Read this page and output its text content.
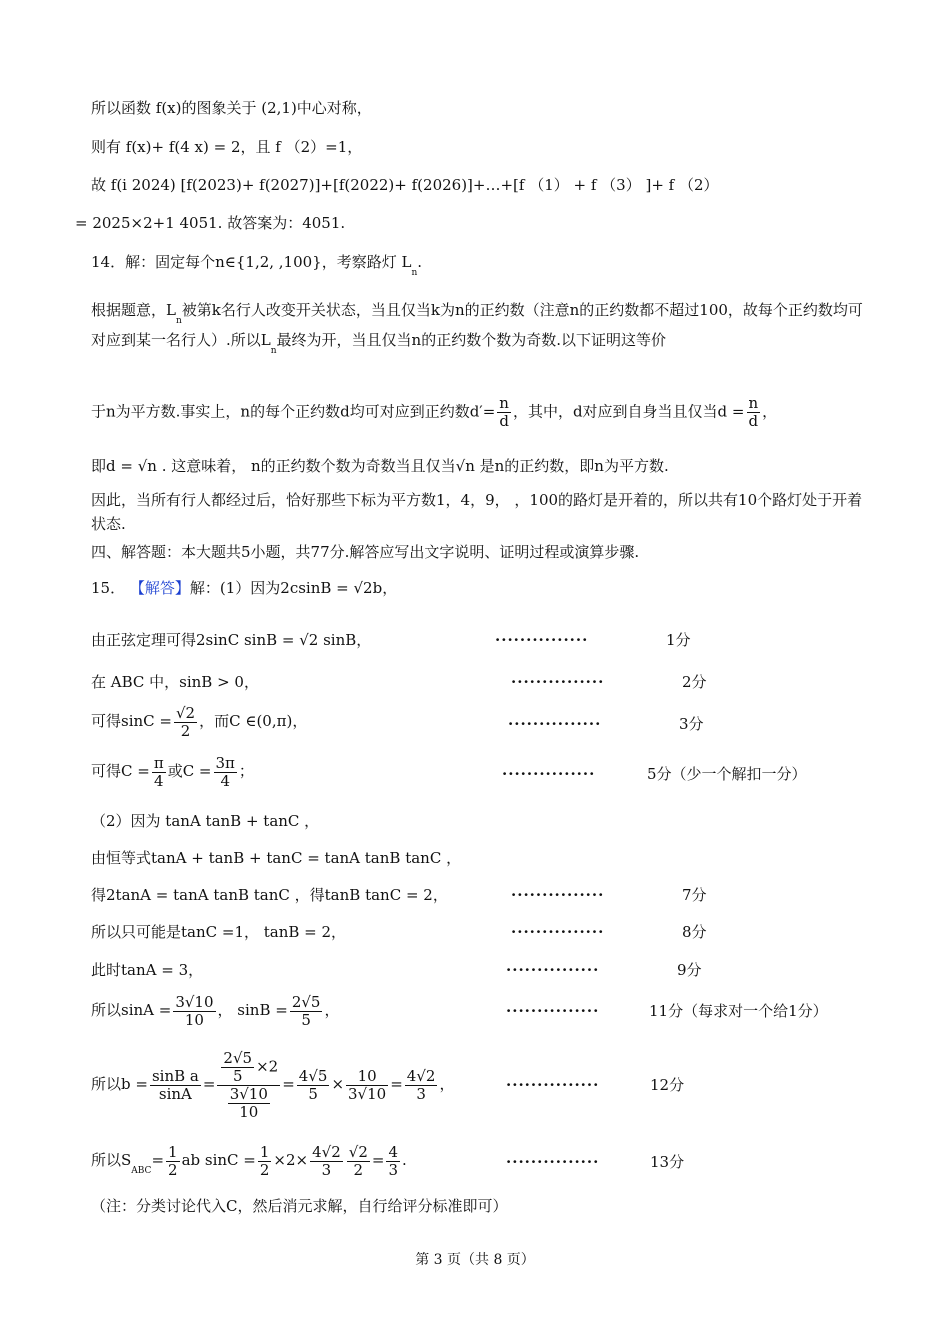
所以函数 f(x)的图象关于 (2,1)中心对称，
则有 f(x)+ f(4 x) = 2，且 f （2）=1，
故 f(i 2024) [f(2023)+ f(2027)]+[f(2022)+ f(2026)]+…+[f （1） + f （3） ]+ f （2）
= 2025×2+1 4051. 故答案为：4051.
14．解：固定每个n∈{1,2, ,100}，考察路灯 $L_n$.
根据题意，$L_n$被第k名行人改变开关状态，当且仅当k为n的正约数（注意n的正约数都不超过100，故每个正约数均可对应到某一名行人）.所以$L_n$最终为开，当且仅当n的正约数个数为奇数.以下证明这等价
于n为平方数.事实上，n的每个正约数d均可对应到正约数$d'= \frac{n}{d}$ ，其中，d对应到自身当且仅当$d = \frac{n}{d}$ ，
即d = √n . 这意味着， n的正约数个数为奇数当且仅当√n 是n的正约数，即n为平方数.
因此，当所有行人都经过后，恰好那些下标为平方数1，4，9， ，100的路灯是开着的，所以共有10个路灯处于开着状态.
四、解答题：本大题共5小题，共77分.解答应写出文字说明、证明过程或演算步骤.
15． 【解答】解：(1）因为2csinB = √2b，
由正弦定理可得2sinC sinB = √2 sinB，	···············	1分
在 ABC 中，sinB > 0，	···············	2分
可得$\sin C = \frac{√2}{2}$ ，而C ∈(0,π)，	···············	3分
可得$C = \frac{\pi}{4}$ 或$C = \frac{3\pi}{4}$ ；	···············	5分（少一个解扣一分）
（2）因为 tanA tanB + tanC ，
由恒等式tanA + tanB + tanC = tanA tanB tanC ，
得2tanA = tanA tanB tanC ，得tanB tanC = 2，	···············	7分
所以只可能是tanC =1， tanB = 2，	···············	8分
此时tanA = 3，	···············	9分
所以$\sin A = \frac{3√10}{10}$ ， $\sin B = \frac{2√5}{5}$ ，	···············	11分（每求对一个给1分）
所以$b = \frac{\text{sinB a}}{\sin A} = \frac{\frac{2√5}{5} \times 2}{\frac{3√10}{10}} = \frac{4√5}{5} \times \frac{10}{3√10} = \frac{4√2}{3}$ ，	···············	12分
所以$S_{ABC}= \frac{1}{2}$ ab $\sin C = \frac{1}{2} \times 2\times \frac{4√2}{3} \frac{√2}{2} = \frac{4}{3}$ .	···············	13分
（注：分类讨论代入C，然后消元求解，自行给评分标准即可）
第 3 页（共 8 页）
